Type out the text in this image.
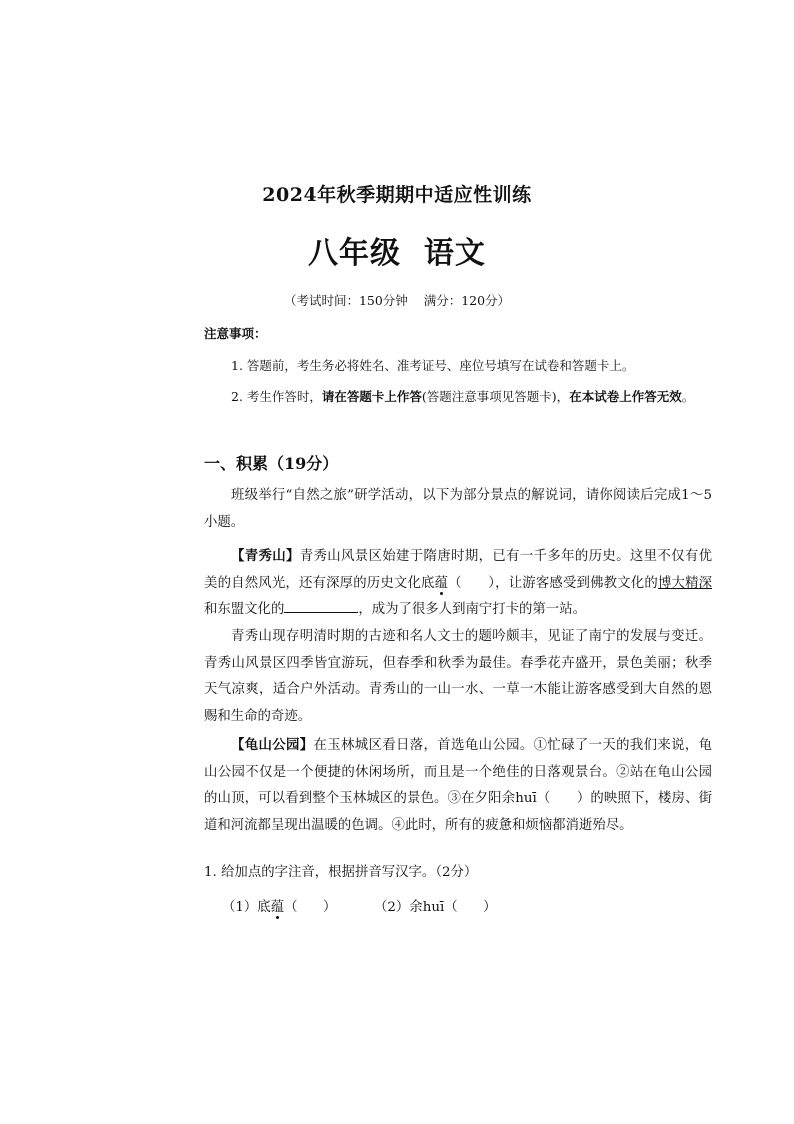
2024年秋季期期中适应性训练
八年级  语文
（考试时间：150分钟    满分：120分）
注意事项：
1. 答题前，考生务必将姓名、准考证号、座位号填写在试卷和答题卡上。
2. 考生作答时，请在答题卡上作答(答题注意事项见答题卡)，在本试卷上作答无效。
一、积累（19分）
班级举行“自然之旅”研学活动，以下为部分景点的解说词，请你阅读后完成1～5小题。
【青秀山】青秀山风景区始建于隋唐时期，已有一千多年的历史。这里不仅有优美的自然风光，还有深厚的历史文化底蕴（      ），让游客感受到佛教文化的博大精深和东盟文化的	，成为了很多人到南宁打卡的第一站。
青秀山现存明清时期的古迹和名人文士的题吟颇丰，见证了南宁的发展与变迁。青秀山风景区四季皆宜游玩，但春季和秋季为最佳。春季花卉盛开，景色美丽；秋季天气凉爽，适合户外活动。青秀山的一山一水、一草一木能让游客感受到大自然的恩赐和生命的奇迹。
【龟山公园】在玉林城区看日落，首选龟山公园。①忙碌了一天的我们来说，龟山公园不仅是一个便捷的休闲场所，而且是一个绝佳的日落观景台。②站在龟山公园的山顶，可以看到整个玉林城区的景色。③在夕阳余huī（      ）的映照下，楼房、街道和河流都呈现出温暖的色调。④此时，所有的疲惫和烦恼都消逝殆尽。
1. 给加点的字注音，根据拼音写汉字。（2分）
（1）底蕴（      ）	（2）余huī（      ）
